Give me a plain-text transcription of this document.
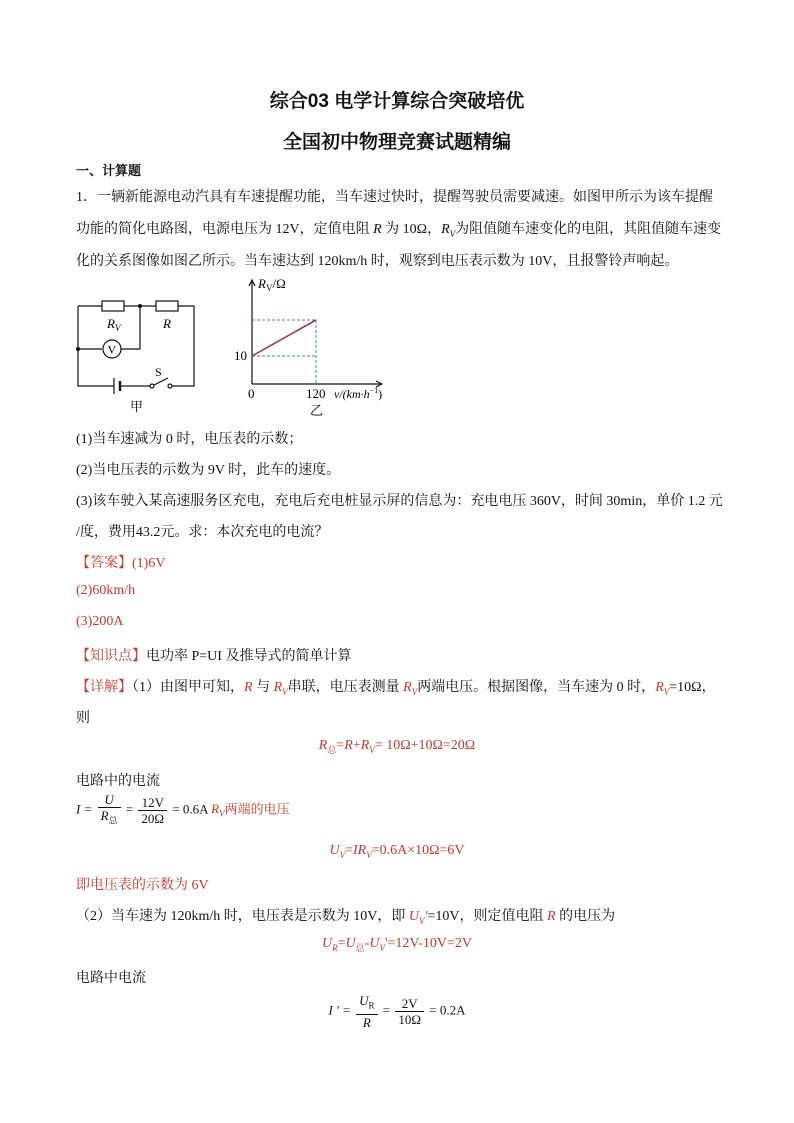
综合03 电学计算综合突破培优
全国初中物理竞赛试题精编
一、计算题
1．一辆新能源电动汽具有车速提醒功能，当车速过快时，提醒驾驶员需要减速。如图甲所示为该车提醒
功能的简化电路图，电源电压为 12V，定值电阻 R 为 10Ω，$R_V$为阻值随车速变化的电阻，其阻值随车速变
化的关系图像如图乙所示。当车速达到 120km/h 时，观察到电压表示数为 10V，且报警铃声响起。
$R_V$	R
V
S
甲
$R_V/\Omega$
10
0	120 $v/(km\cdot h^{-1})$
乙
(1)当车速减为 0 时，电压表的示数；
(2)当电压表的示数为 9V 时，此车的速度。
(3)该车驶入某高速服务区充电，充电后充电桩显示屏的信息为：充电电压 360V，时间 30min，单价 1.2 元
/度，费用43.2元。求：本次充电的电流？
【答案】(1)6V
(2)60km/h
(3)200A
【知识点】电功率 P=UI 及推导式的简单计算
【详解】（1）由图甲可知，R 与 $R_V$串联，电压表测量 $R_V$两端电压。根据图像，当车速为 0 时，$R_V=10\Omega$，
则
$R_总=R+R_V= 10\Omega+10\Omega=20\Omega$
电路中的电流
$I = \frac{U}{R_总} = \frac{12V}{20\Omega} = 0.6A$ $R_V$两端的电压
$U_V=IR_V=0.6A\times 10\Omega=6V$
即电压表的示数为 6V
（2）当车速为 120km/h 时，电压表是示数为 10V，即 $U_V'=10V$，则定值电阻 R 的电压为
$U_R=U_总-U_V'=12V-10V=2V$
电路中电流
I ' = $\frac{U_R}{R} = \frac{2V}{10\Omega} = 0.2A$
